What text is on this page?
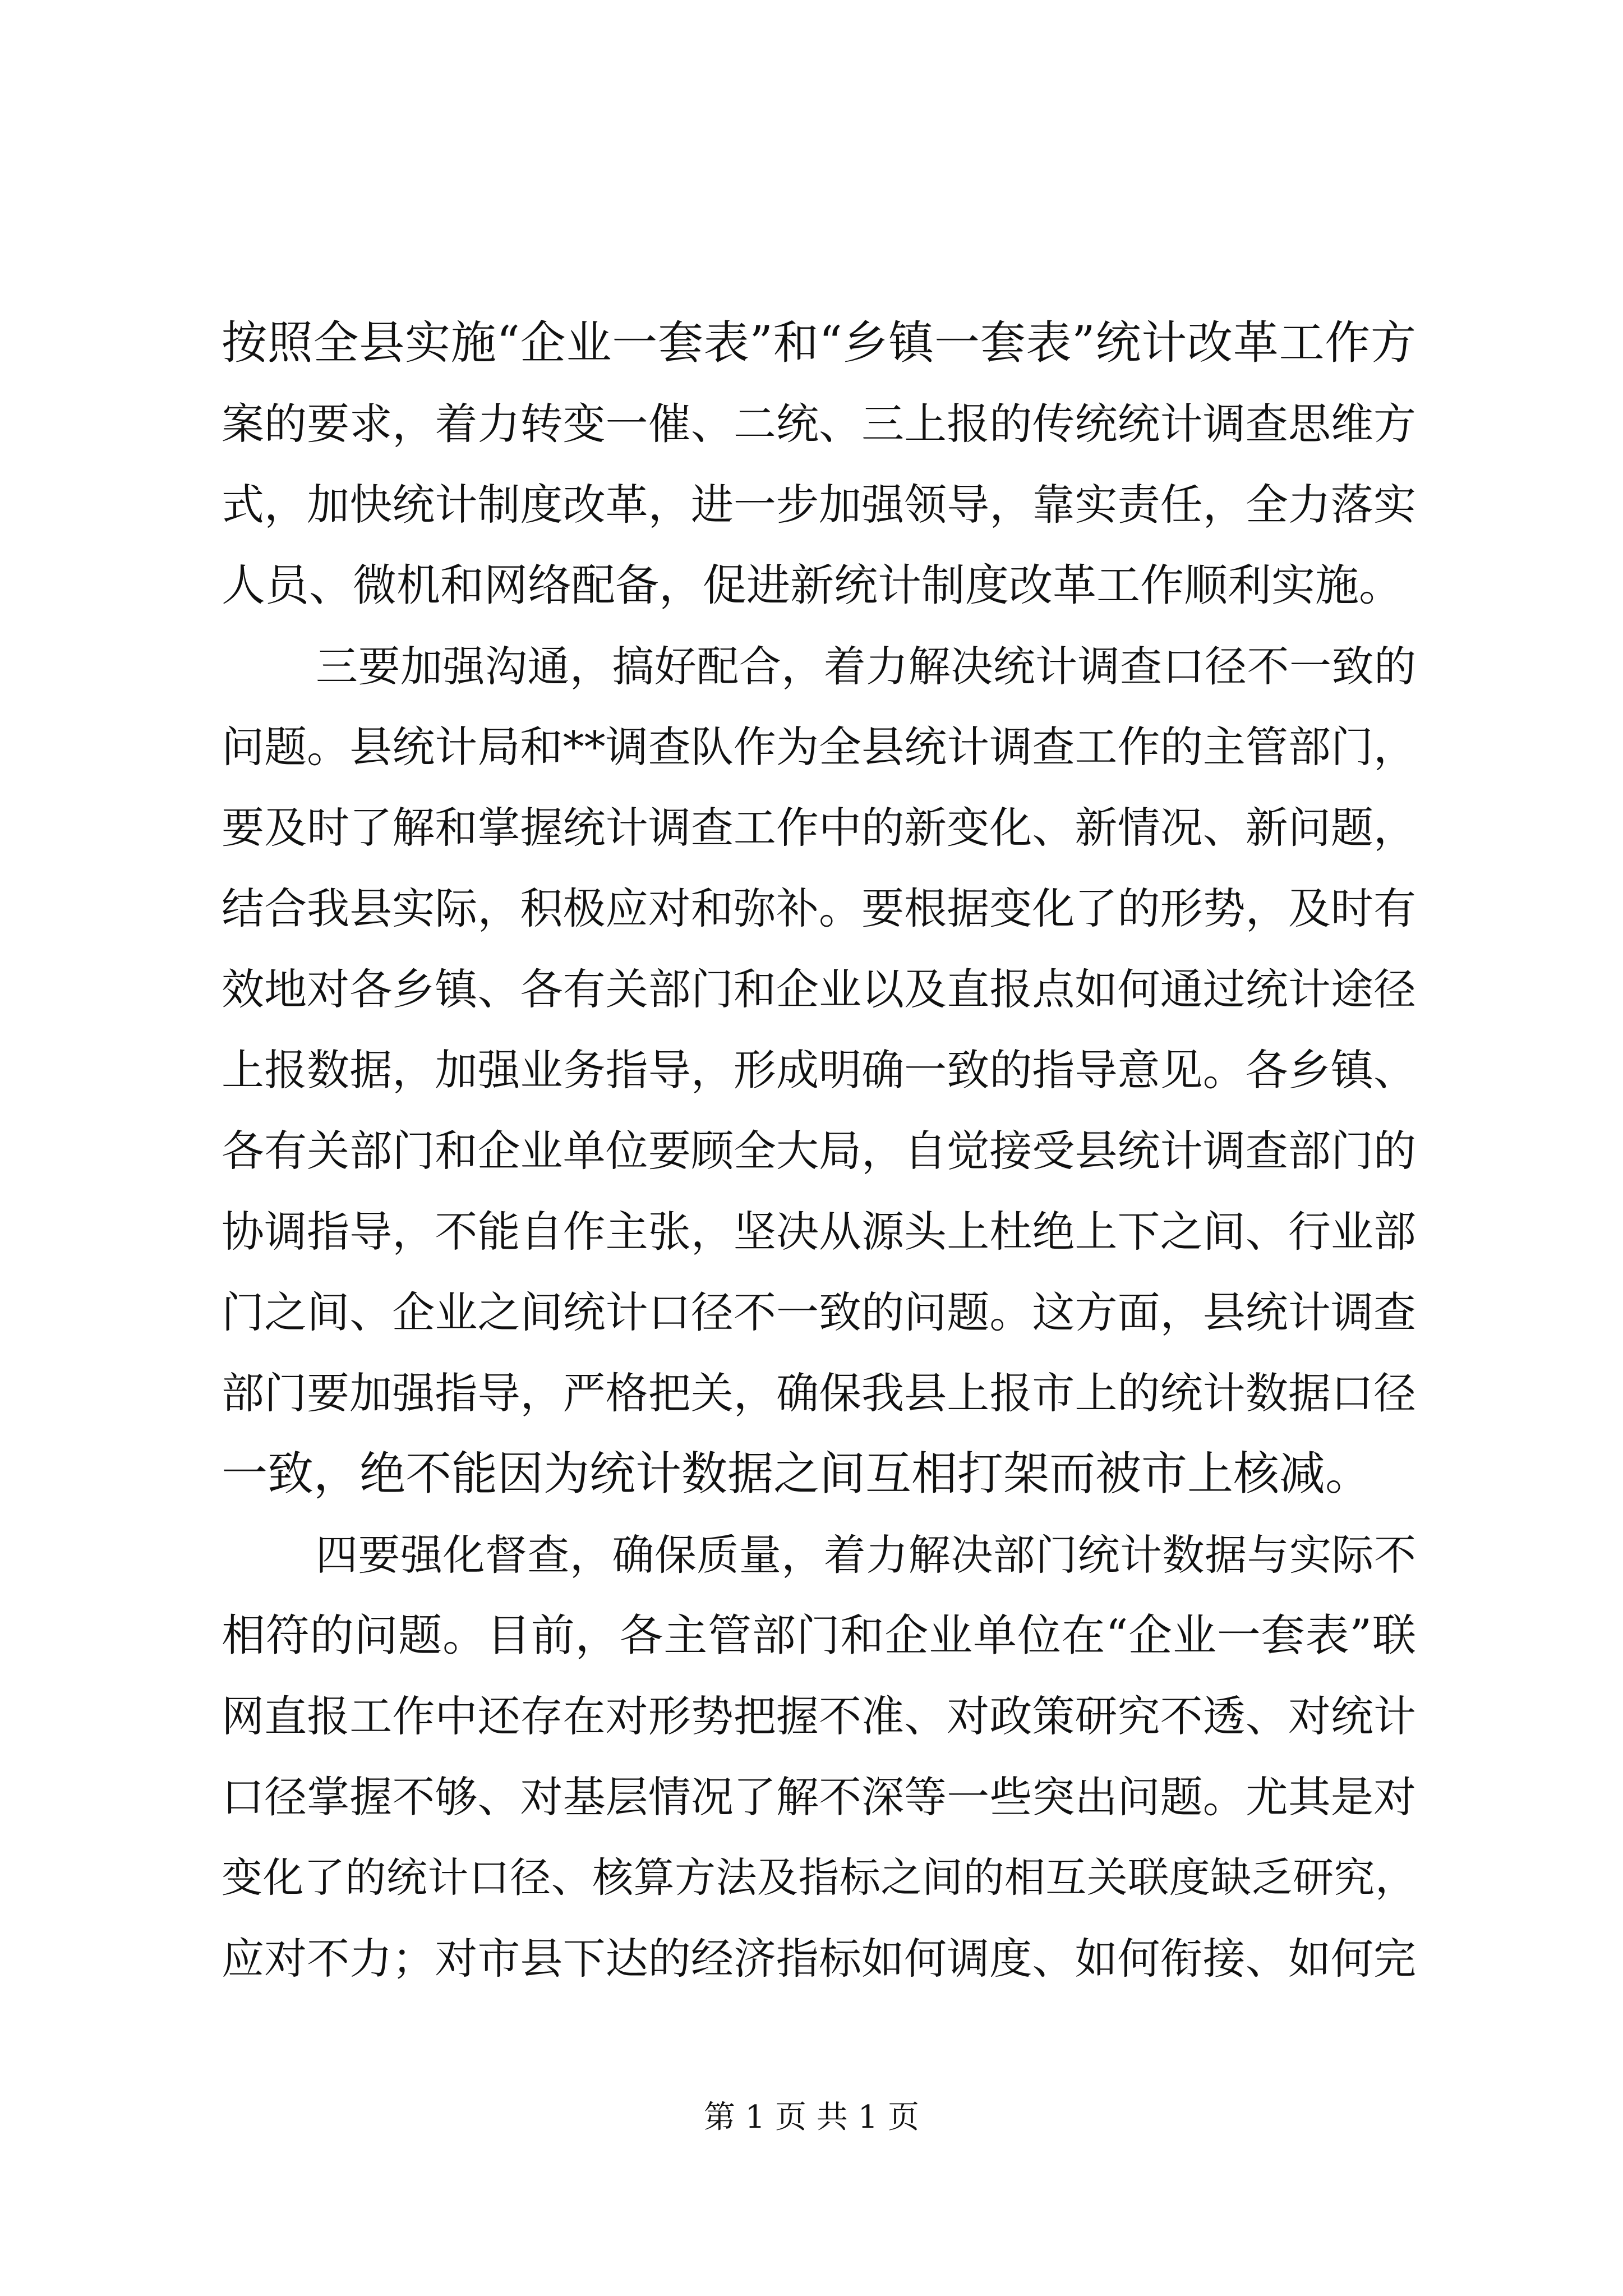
按照全县实施“企业一套表”和“乡镇一套表”统计改革工作方
案的要求，着力转变一催、二统、三上报的传统统计调查思维方
式，加快统计制度改革，进一步加强领导，靠实责任，全力落实
人员、微机和网络配备，促进新统计制度改革工作顺利实施。
三要加强沟通，搞好配合，着力解决统计调查口径不一致的
问题。县统计局和**调查队作为全县统计调查工作的主管部门，
要及时了解和掌握统计调查工作中的新变化、新情况、新问题，
结合我县实际，积极应对和弥补。要根据变化了的形势，及时有
效地对各乡镇、各有关部门和企业以及直报点如何通过统计途径
上报数据，加强业务指导，形成明确一致的指导意见。各乡镇、
各有关部门和企业单位要顾全大局，自觉接受县统计调查部门的
协调指导，不能自作主张，坚决从源头上杜绝上下之间、行业部
门之间、企业之间统计口径不一致的问题。这方面，县统计调查
部门要加强指导，严格把关，确保我县上报市上的统计数据口径
一致，绝不能因为统计数据之间互相打架而被市上核减。
四要强化督查，确保质量，着力解决部门统计数据与实际不
相符的问题。目前，各主管部门和企业单位在“企业一套表”联
网直报工作中还存在对形势把握不准、对政策研究不透、对统计
口径掌握不够、对基层情况了解不深等一些突出问题。尤其是对
变化了的统计口径、核算方法及指标之间的相互关联度缺乏研究，
应对不力；对市县下达的经济指标如何调度、如何衔接、如何完
第 1 页 共 1 页
